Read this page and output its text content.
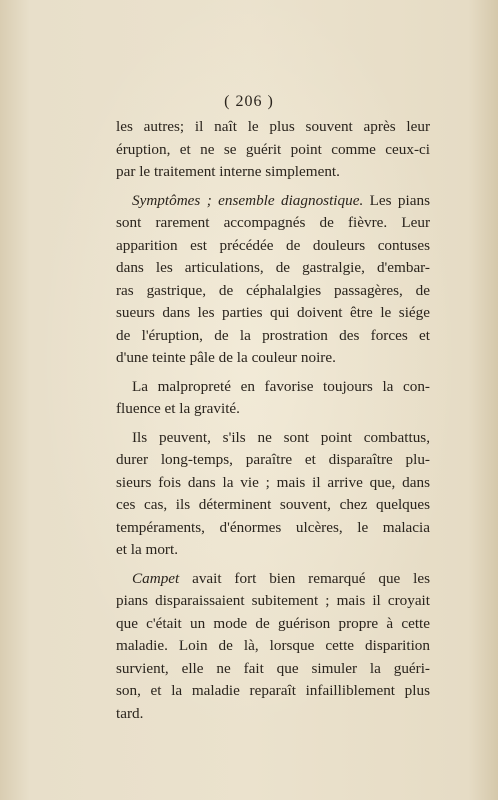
( 206 )

les autres; il naît le plus souvent après leur
éruption, et ne se guérit point comme ceux-ci
par le traitement interne simplement.

Symptômes ; ensemble diagnostique. Les pians
sont rarement accompagnés de fièvre. Leur
apparition est précédée de douleurs contuses
dans les articulations, de gastralgie, d'embar-
ras gastrique, de céphalalgies passagères, de
sueurs dans les parties qui doivent être le siége
de l'éruption, de la prostration des forces et
d'une teinte pâle de la couleur noire.

La malpropreté en favorise toujours la con-
fluence et la gravité.

Ils peuvent, s'ils ne sont point combattus,
durer long-temps, paraître et disparaître plu-
sieurs fois dans la vie ; mais il arrive que, dans
ces cas, ils déterminent souvent, chez quelques
tempéraments, d'énormes ulcères, le malacia
et la mort.

Campet avait fort bien remarqué que les
pians disparaissaient subitement ; mais il croyait
que c'était un mode de guérison propre à cette
maladie. Loin de là, lorsque cette disparition
survient, elle ne fait que simuler la guéri-
son, et la maladie reparaît infailliblement plus
tard.
